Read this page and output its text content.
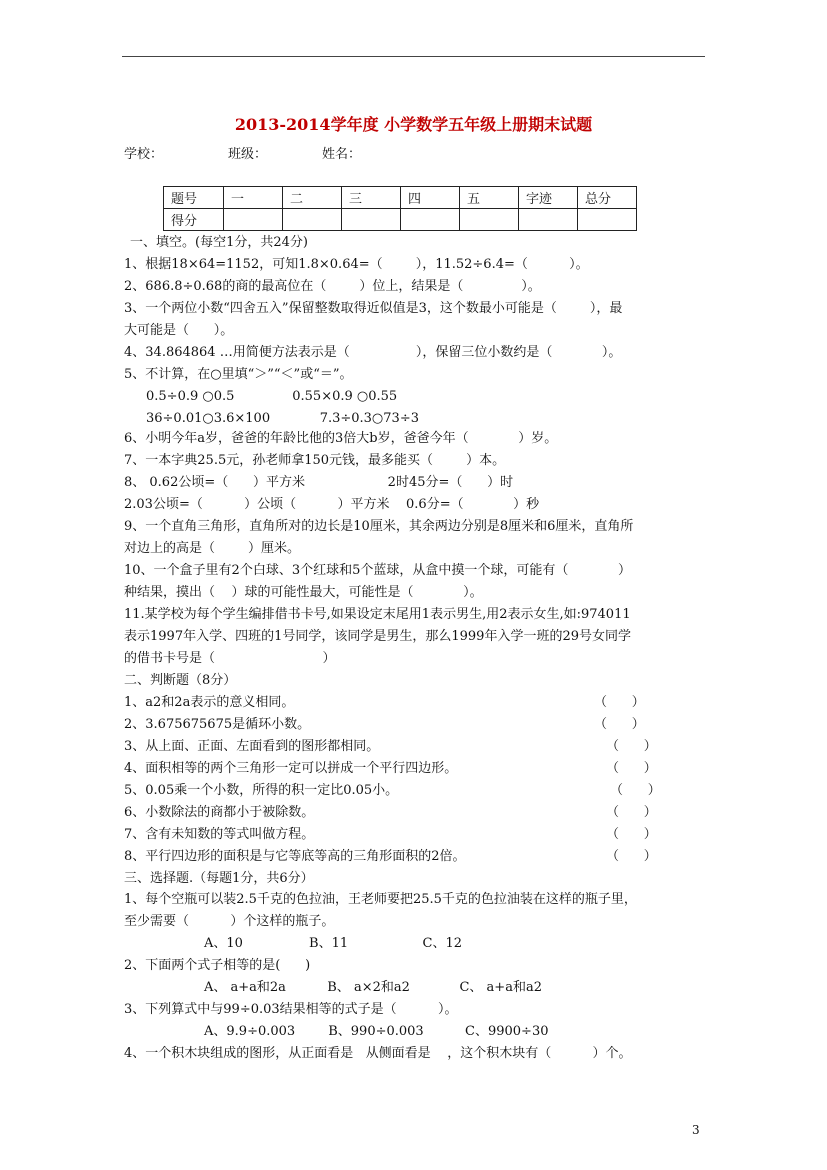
2013-2014学年度 小学数学五年级上册期末试题
学校：	班级：	姓名：
题号	一	二	三	四	五	字迹	总分
得分							
一、填空。(每空1分，共24分)
1、根据18×64=1152，可知1.8×0.64=（        ），11.52÷6.4=（          ）。
2、686.8÷0.68的商的最高位在（        ）位上，结果是（              ）。
3、一个两位小数“四舍五入”保留整数取得近似值是3，这个数最小可能是（        ），最
大可能是（      ）。
4、34.864864 …用简便方法表示是（                ），保留三位小数约是（            ）。
5、不计算，在○里填“＞”“＜”或“＝”。
0.5÷0.9 ○0.5              0.55×0.9 ○0.55
36÷0.01○3.6×100            7.3÷0.3○73÷3
6、小明今年a岁，爸爸的年龄比他的3倍大b岁，爸爸今年（            ）岁。
7、一本字典25.5元，孙老师拿150元钱，最多能买（        ）本。
8、 0.62公顷=（      ）平方米                    2时45分=（      ）时
2.03公顷=（          ）公顷（          ）平方米    0.6分=（            ）秒
9、一个直角三角形，直角所对的边长是10厘米，其余两边分别是8厘米和6厘米，直角所
对边上的高是（        ）厘米。
10、一个盒子里有2个白球、3个红球和5个蓝球，从盒中摸一个球，可能有（            ）
种结果，摸出（    ）球的可能性最大，可能性是（            ）。
11.某学校为每个学生编排借书卡号,如果设定末尾用1表示男生,用2表示女生,如:974011
表示1997年入学、四班的1号同学，该同学是男生，那么1999年入学一班的29号女同学
的借书卡号是（                          ）
二、判断题（8分）
1、a2和2a表示的意义相同。
2、3.675675675是循环小数。
3、从上面、正面、左面看到的图形都相同。
4、面积相等的两个三角形一定可以拼成一个平行四边形。
5、0.05乘一个小数，所得的积一定比0.05小。
6、小数除法的商都小于被除数。
7、含有未知数的等式叫做方程。
8、平行四边形的面积是与它等底等高的三角形面积的2倍。
三、选择题.（每题1分，共6分）
1、每个空瓶可以装2.5千克的色拉油，王老师要把25.5千克的色拉油装在这样的瓶子里，
至少需要（          ）个这样的瓶子。
A、10                B、11                  C、12
2、下面两个式子相等的是(      )
A、 a+a和2a          B、 a×2和a2            C、 a+a和a2
3、下列算式中与99÷0.03结果相等的式子是（          ）。
A、9.9÷0.003        B、990÷0.003          C、9900÷30
4、一个积木块组成的图形，从正面看是   从侧面看是    ，这个积木块有（          ）个。
（      ）
（      ）
（      ）
（      ）
（      ）
（      ）
（      ）
（      ）
3
